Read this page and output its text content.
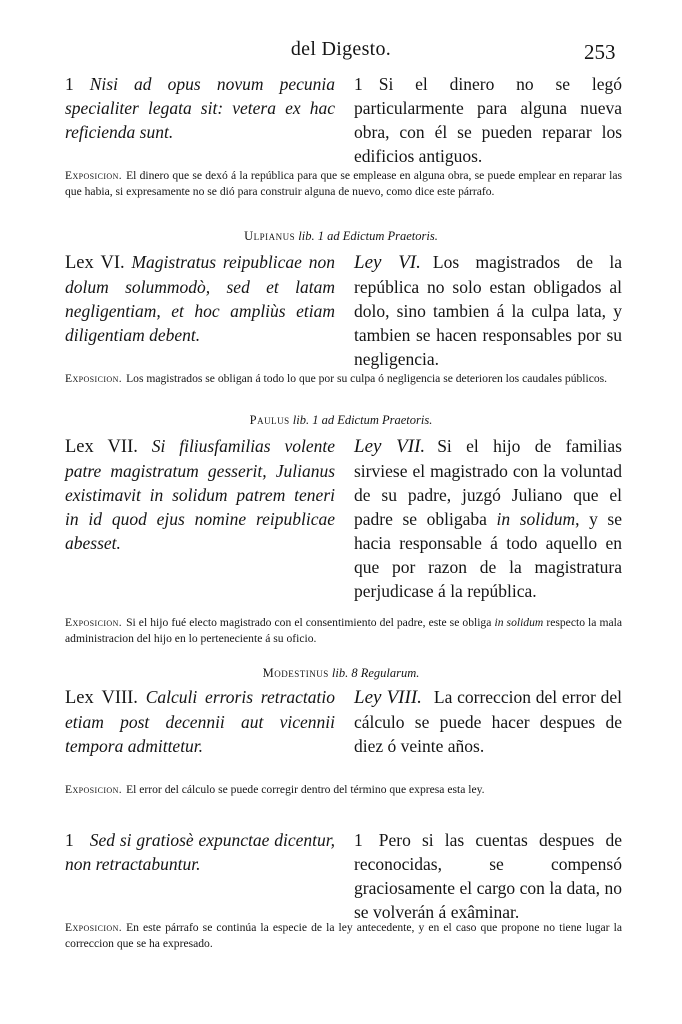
del Digesto.	253
1 Nisi ad opus novum pecunia specialiter legata sit: vetera ex hac reficienda sunt.
1 Si el dinero no se legó particularmente para alguna nueva obra, con él se pueden reparar los edificios antiguos.
Exposicion. El dinero que se dexó á la república para que se emplease en alguna obra, se puede emplear en reparar las que habia, si expresamente no se dió para construir alguna de nuevo, como dice este párrafo.
Ulpianus lib. 1 ad Edictum Praetoris.
Lex VI. Magistratus reipublicae non dolum solummodò, sed et latam negligentiam, et hoc ampliùs etiam diligentiam debent.
Ley VI. Los magistrados de la república no solo estan obligados al dolo, sino tambien á la culpa lata, y tambien se hacen responsables por su negligencia.
Exposicion. Los magistrados se obligan á todo lo que por su culpa ó negligencia se deterioren los caudales públicos.
Paulus lib. 1 ad Edictum Praetoris.
Lex VII. Si filiusfamilias volente patre magistratum gesserit, Julianus existimavit in solidum patrem teneri in id quod ejus nomine reipublicae abesset.
Ley VII. Si el hijo de familias sirviese el magistrado con la voluntad de su padre, juzgó Juliano que el padre se obligaba in solidum, y se hacia responsable á todo aquello en que por razon de la magistratura perjudicase á la república.
Exposicion. Si el hijo fué electo magistrado con el consentimiento del padre, este se obliga in solidum respecto la mala administracion del hijo en lo perteneciente á su oficio.
Modestinus lib. 8 Regularum.
Lex VIII. Calculi erroris retractatio etiam post decennii aut vicennii tempora admittetur.
Ley VIII. La correccion del error del cálculo se puede hacer despues de diez ó veinte años.
Exposicion. El error del cálculo se puede corregir dentro del término que expresa esta ley.
1 Sed si gratiosè expunctae dicentur, non retractabuntur.
1 Pero si las cuentas despues de reconocidas, se compensó graciosamente el cargo con la data, no se volverán á exâminar.
Exposicion. En este párrafo se continúa la especie de la ley antecedente, y en el caso que propone no tiene lugar la correccion que se ha expresado.
